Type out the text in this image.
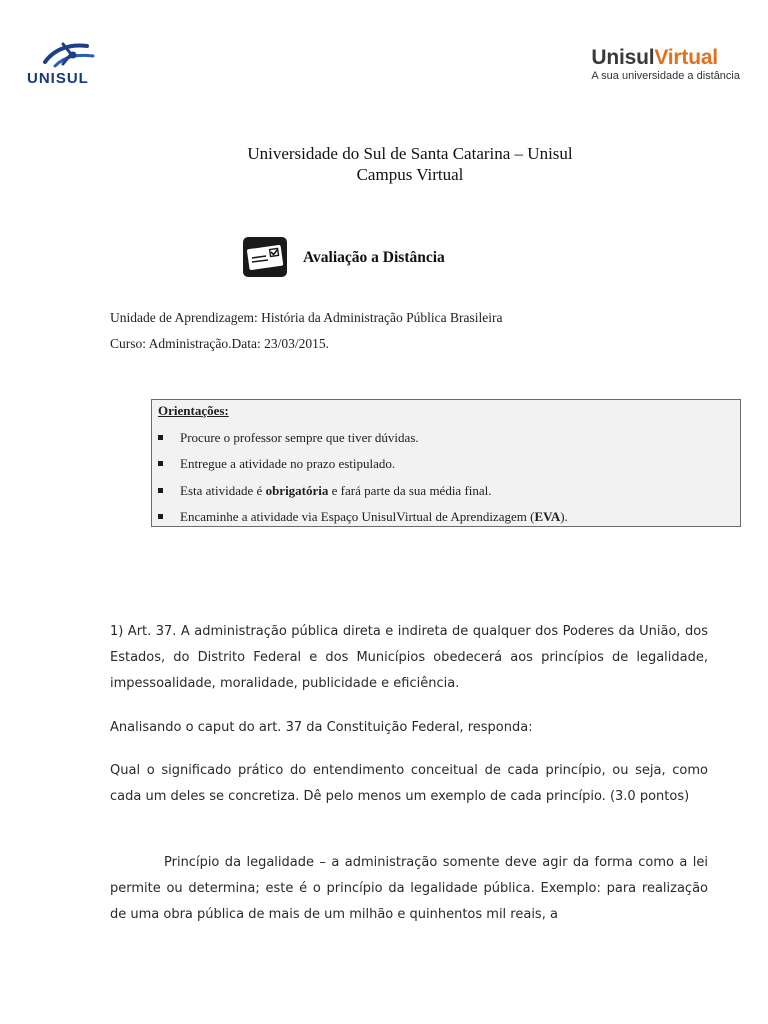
UNISUL
UnisulVirtual
A sua universidade a distância
Universidade do Sul de Santa Catarina – Unisul
Campus Virtual
Avaliação a Distância
Unidade de Aprendizagem: História da Administração Pública Brasileira
Curso: Administração.Data: 23/03/2015.
Orientações:
Procure o professor sempre que tiver dúvidas.
Entregue a atividade no prazo estipulado.
Esta atividade é obrigatória e fará parte da sua média final.
Encaminhe a atividade via Espaço UnisulVirtual de Aprendizagem (EVA).

1) Art. 37. A administração pública direta e indireta de qualquer dos Poderes da União, dos Estados, do Distrito Federal e dos Municípios obedecerá aos princípios de legalidade, impessoalidade, moralidade, publicidade e eficiência.

Analisando o caput do art. 37 da Constituição Federal, responda:

Qual o significado prático do entendimento conceitual de cada princípio, ou seja, como cada um deles se concretiza. Dê pelo menos um exemplo de cada princípio. (3.0 pontos)

Princípio da legalidade – a administração somente deve agir da forma como a lei permite ou determina; este é o princípio da legalidade pública. Exemplo: para realização de uma obra pública de mais de um milhão e quinhentos mil reais, a
